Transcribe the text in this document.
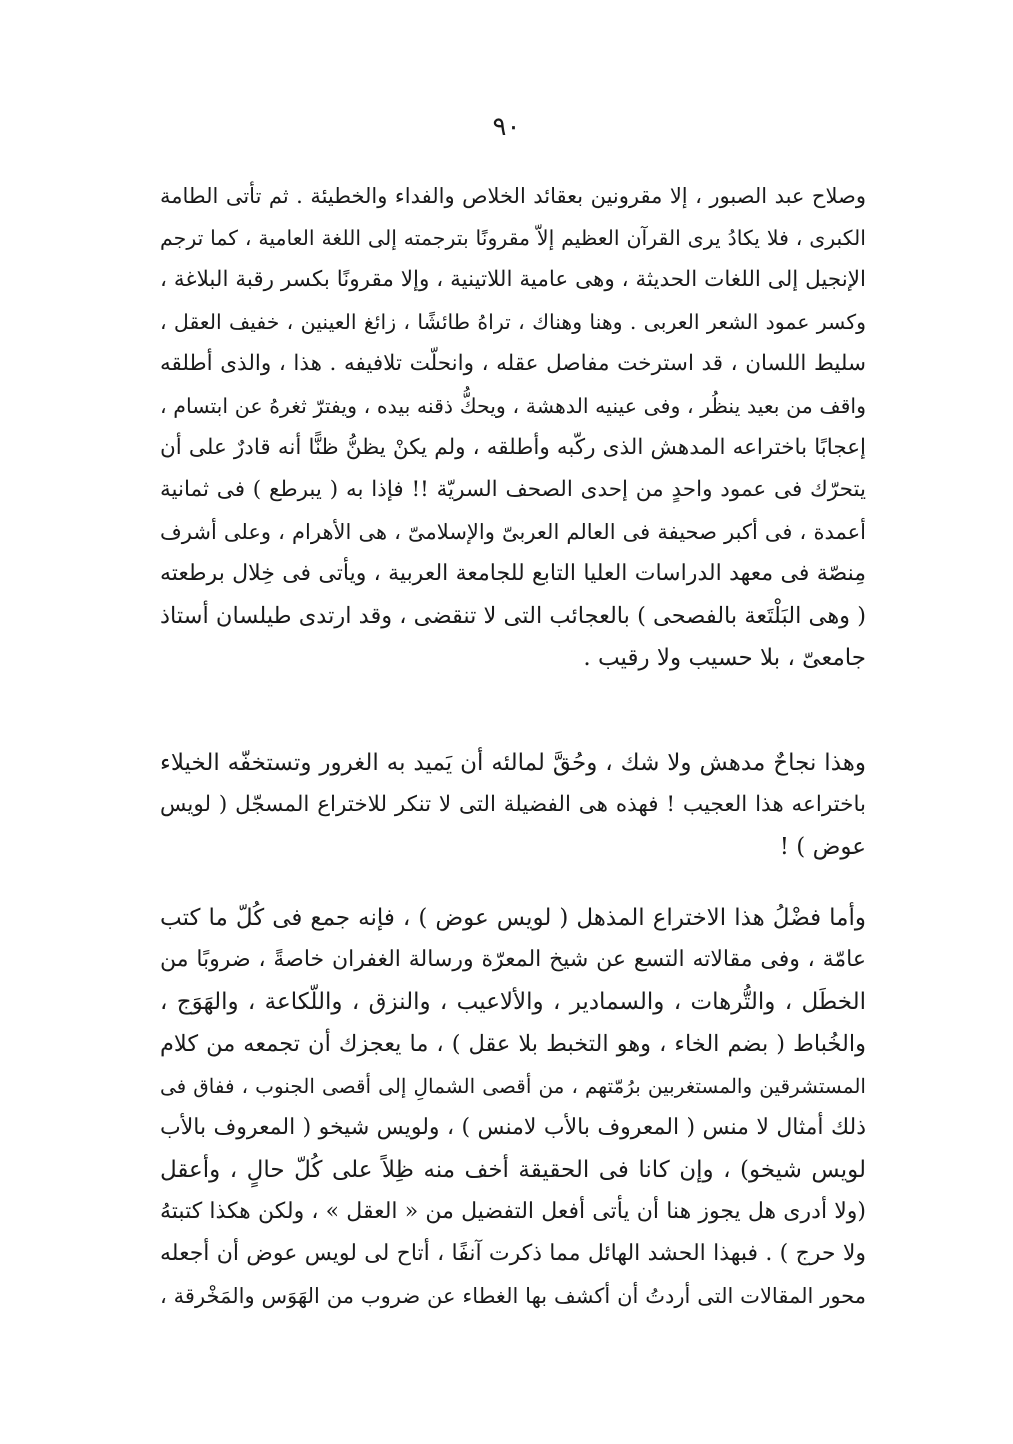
٩٠
وصلاح عبد الصبور ، إلا مقرونين بعقائد الخلاص والفداء والخطيئة . ثم تأتى الطامة
الكبرى ، فلا يكادُ يرى القرآن العظيم إلاّ مقرونًا بترجمته إلى اللغة العامية ، كما ترجم
الإنجيل إلى اللغات الحديثة ، وهى عامية اللاتينية ، وإلا مقرونًا بكسر رقبة البلاغة ،
وكسر عمود الشعر العربى . وهنا وهناك ، تراهُ طائشًا ، زائغ العينين ، خفيف العقل ،
سليط اللسان ، قد استرخت مفاصل عقله ، وانحلّت تلافيفه . هذا ، والذى أطلقه
واقف من بعيد ينظُر ، وفى عينيه الدهشة ، ويحكُّ ذقنه بيده ، ويفترّ ثغرهُ عن ابتسام ،
إعجابًا باختراعه المدهش الذى ركّبه وأطلقه ، ولم يكنْ يظنُّ ظنًّا أنه قادرٌ على أن
يتحرّك فى عمود واحدٍ من إحدى الصحف السريّة !! فإذا به ( يبرطع ) فى ثمانية
أعمدة ، فى أكبر صحيفة فى العالم العربىّ والإسلامىّ ، هى الأهرام ، وعلى أشرف
مِنصّة فى معهد الدراسات العليا التابع للجامعة العربية ، ويأتى فى خِلال برطعته
( وهى البَلْتَعة بالفصحى ) بالعجائب التى لا تنقضى ، وقد ارتدى طيلسان أستاذ
جامعىّ ، بلا حسيب ولا رقيب .
وهذا نجاحٌ مدهش ولا شك ، وحُقَّ لمالئه أن يَميد به الغرور وتستخفّه الخيلاء
باختراعه هذا العجيب ! فهذه هى الفضيلة التى لا تنكر للاختراع المسجّل ( لويس
عوض ) !
وأما فضْلُ هذا الاختراع المذهل ( لويس عوض ) ، فإنه جمع فى كُلّ ما كتب
عامّة ، وفى مقالاته التسع عن شيخ المعرّة ورسالة الغفران خاصةً ، ضروبًا من
الخطَل ، والتُّرهات ، والسمادير ، والألاعيب ، والنزق ، واللّكاعة ، والهَوَج ،
والخُباط ( بضم الخاء ، وهو التخبط بلا عقل ) ، ما يعجزك أن تجمعه من كلام
المستشرقين والمستغربين برُمّتهم ، من أقصى الشمالِ إلى أقصى الجنوب ، ففاق فى
ذلك أمثال لا منس ( المعروف بالأب لامنس ) ، ولويس شيخو ( المعروف بالأب
لويس شيخو) ، وإن كانا فى الحقيقة أخف منه ظِلاً على كُلّ حالٍ ، وأعقل
(ولا أدرى هل يجوز هنا أن يأتى أفعل التفضيل من « العقل » ، ولكن هكذا كتبتهُ
ولا حرج ) . فبهذا الحشد الهائل مما ذكرت آنفًا ، أتاح لى لويس عوض أن أجعله
محور المقالات التى أردتُ أن أكشف بها الغطاء عن ضروب من الهَوَس والمَخْرقة ،
